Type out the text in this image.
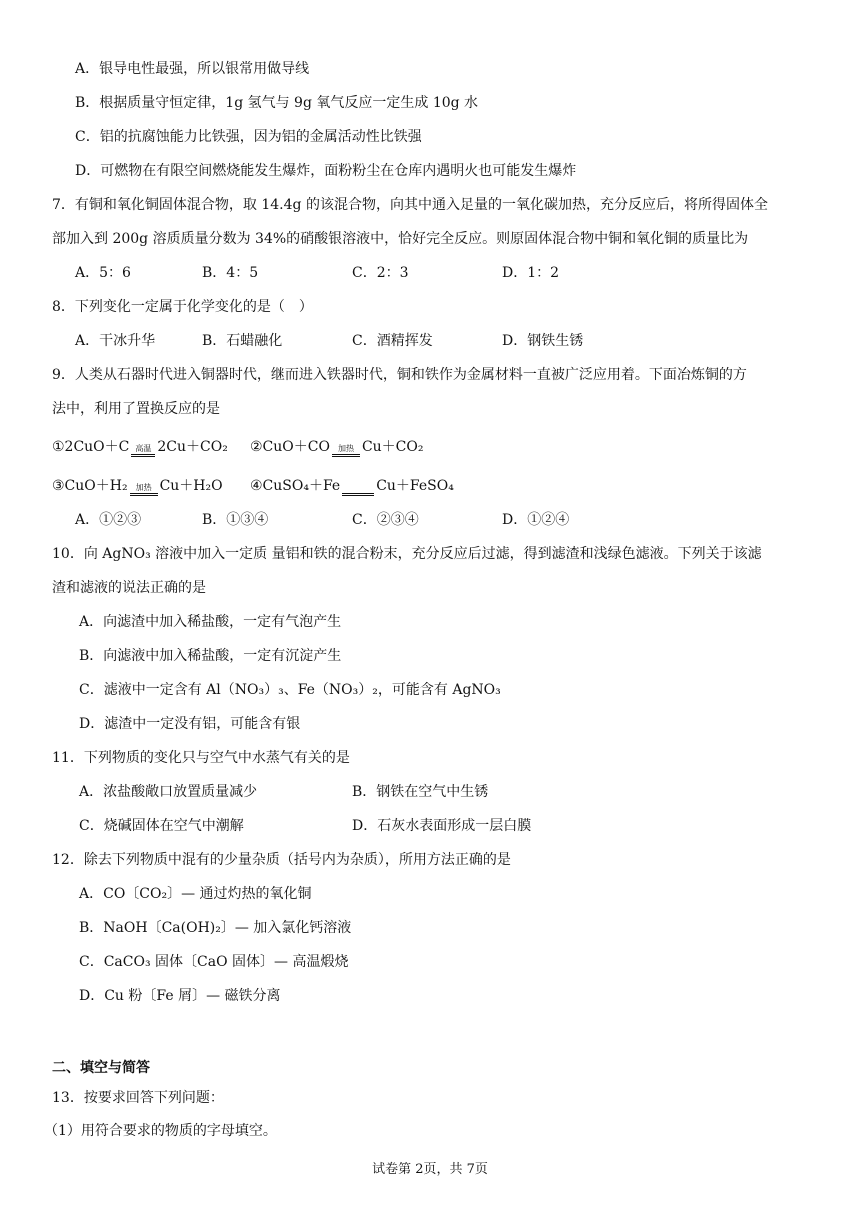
A．银导电性最强，所以银常用做导线
B．根据质量守恒定律，1g 氢气与 9g 氧气反应一定生成 10g 水
C．铝的抗腐蚀能力比铁强，因为铝的金属活动性比铁强
D．可燃物在有限空间燃烧能发生爆炸，面粉粉尘在仓库内遇明火也可能发生爆炸
7．有铜和氧化铜固体混合物，取 14.4g 的该混合物，向其中通入足量的一氧化碳加热，充分反应后，将所得固体全
部加入到 200g 溶质质量分数为 34%的硝酸银溶液中，恰好完全反应。则原固体混合物中铜和氧化铜的质量比为
A．5：6	B．4：5	C．2：3	D．1：2
8．下列变化一定属于化学变化的是（　）
A．干冰升华	B．石蜡融化	C．酒精挥发	D．钢铁生锈
9．人类从石器时代进入铜器时代，继而进入铁器时代，铜和铁作为金属材料一直被广泛应用着。下面冶炼铜的方
法中，利用了置换反应的是
①2CuO＋C 高温 2Cu＋CO₂ ②CuO＋CO	加热 Cu＋CO₂
③CuO＋H₂	加热 Cu＋H₂O ④CuSO₄＋Fe
	Cu＋FeSO₄
A．①②③	B．①③④	C．②③④	D．①②④
10．向 AgNO₃ 溶液中加入一定质 量铝和铁的混合粉末，充分反应后过滤，得到滤渣和浅绿色滤液。下列关于该滤
渣和滤液的说法正确的是
A．向滤渣中加入稀盐酸，一定有气泡产生
B．向滤液中加入稀盐酸，一定有沉淀产生
C．滤液中一定含有 Al（NO₃）₃、Fe（NO₃）₂，可能含有 AgNO₃
D．滤渣中一定没有铝，可能含有银
11．下列物质的变化只与空气中水蒸气有关的是
A．浓盐酸敞口放置质量减少	B．钢铁在空气中生锈
C．烧碱固体在空气中潮解	D．石灰水表面形成一层白膜
12．除去下列物质中混有的少量杂质（括号内为杂质），所用方法正确的是
A．CO〔CO₂〕— 通过灼热的氧化铜
B．NaOH〔Ca(OH)₂〕— 加入氯化钙溶液
C．CaCO₃ 固体〔CaO 固体〕— 高温煅烧
D．Cu 粉〔Fe 屑〕— 磁铁分离
二、填空与简答
13．按要求回答下列问题：
（1）用符合要求的物质的字母填空。
试卷第 2页，共 7页
